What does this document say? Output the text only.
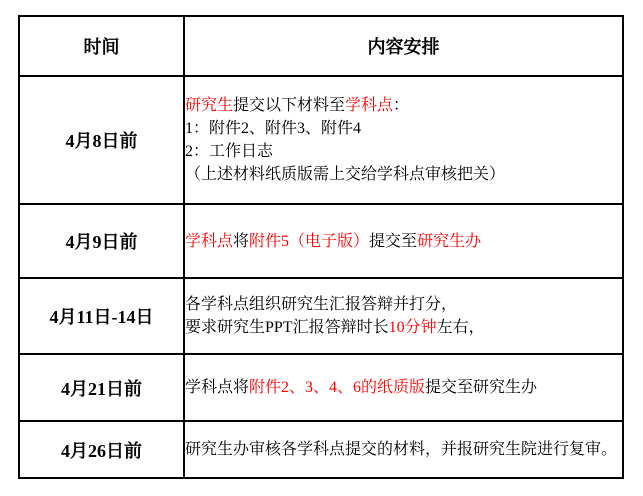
时间	内容安排
4月8日前	研究生提交以下材料至学科点：
1：附件2、附件3、附件4
2：工作日志
（上述材料纸质版需上交给学科点审核把关）

4月9日前	学科点将附件5（电子版）提交至研究生办

4月11日-14日	各学科点组织研究生汇报答辩并打分，
要求研究生PPT汇报答辩时长10分钟左右，

4月21日前	学科点将附件2、3、4、6的纸质版提交至研究生办

4月26日前	研究生办审核各学科点提交的材料，并报研究生院进行复审。
